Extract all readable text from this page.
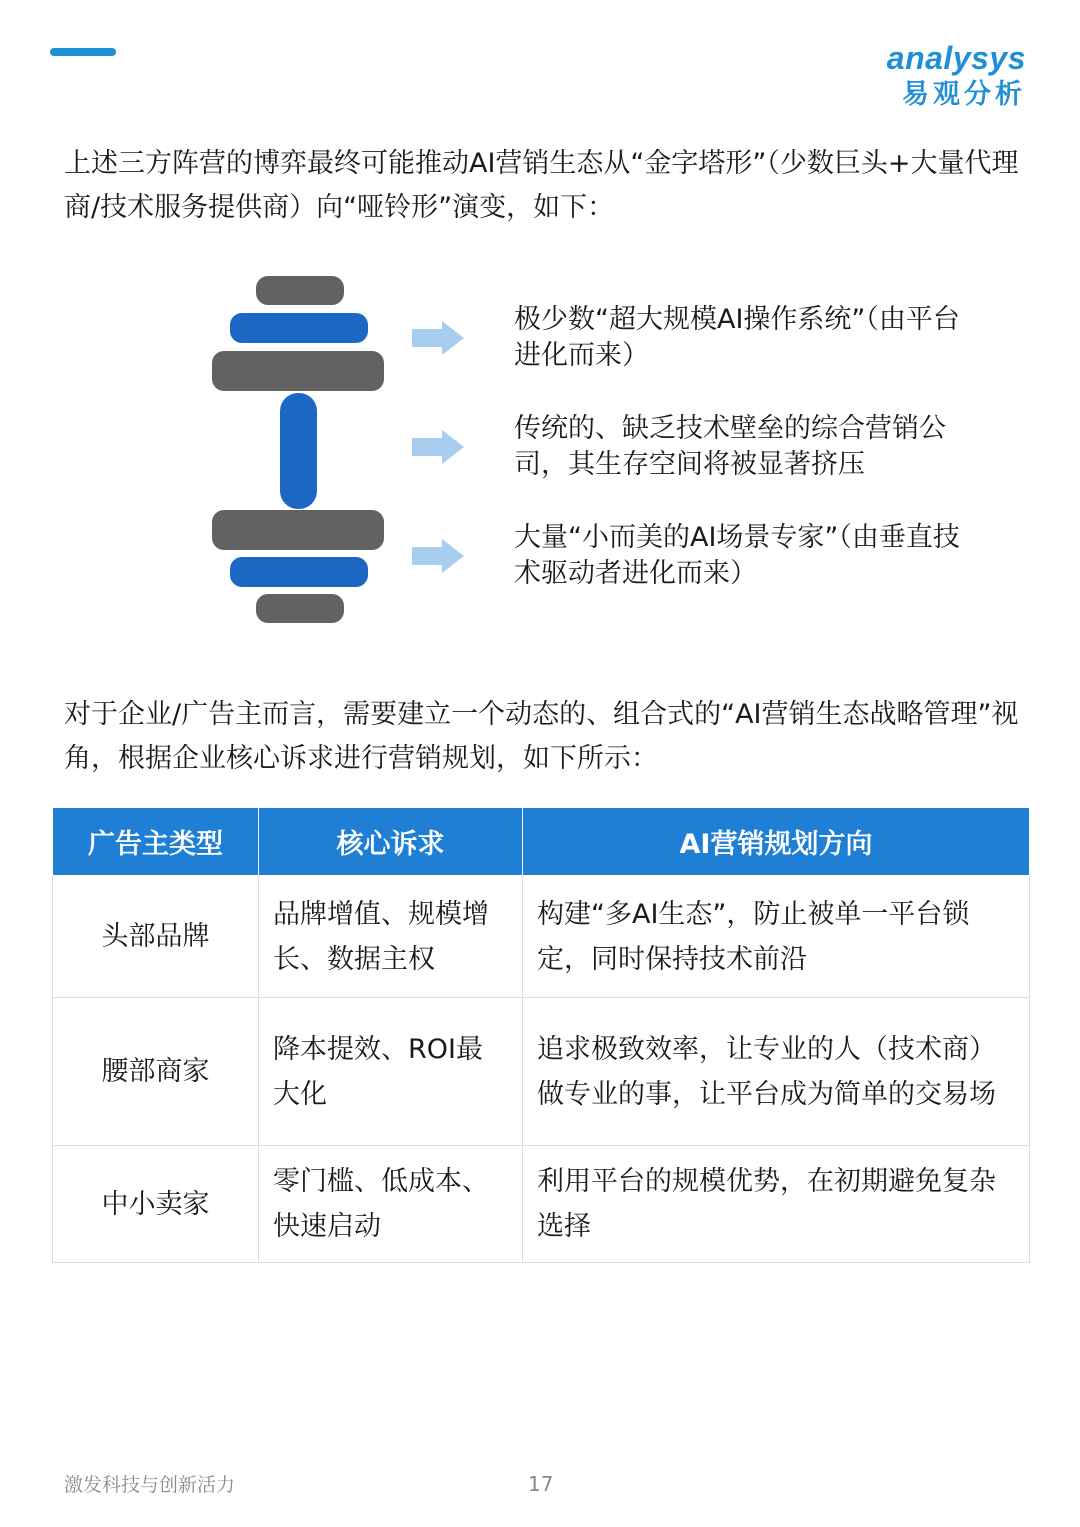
analysys
易观分析

上述三方阵营的博弈最终可能推动AI营销生态从“金字塔形”（少数巨头+大量代理商/技术服务提供商）向“哑铃形”演变，如下：

极少数“超大规模AI操作系统”（由平台进化而来）

传统的、缺乏技术壁垒的综合营销公司，其生存空间将被显著挤压

大量“小而美的AI场景专家”（由垂直技术驱动者进化而来）

对于企业/广告主而言，需要建立一个动态的、组合式的“AI营销生态战略管理”视角，根据企业核心诉求进行营销规划，如下所示：

广告主类型	核心诉求	AI营销规划方向
头部品牌	品牌增值、规模增长、数据主权	构建“多AI生态”，防止被单一平台锁定，同时保持技术前沿
腰部商家	降本提效、ROI最大化	追求极致效率，让专业的人（技术商）做专业的事，让平台成为简单的交易场
中小卖家	零门槛、低成本、快速启动	利用平台的规模优势，在初期避免复杂选择
激发科技与创新活力	17
